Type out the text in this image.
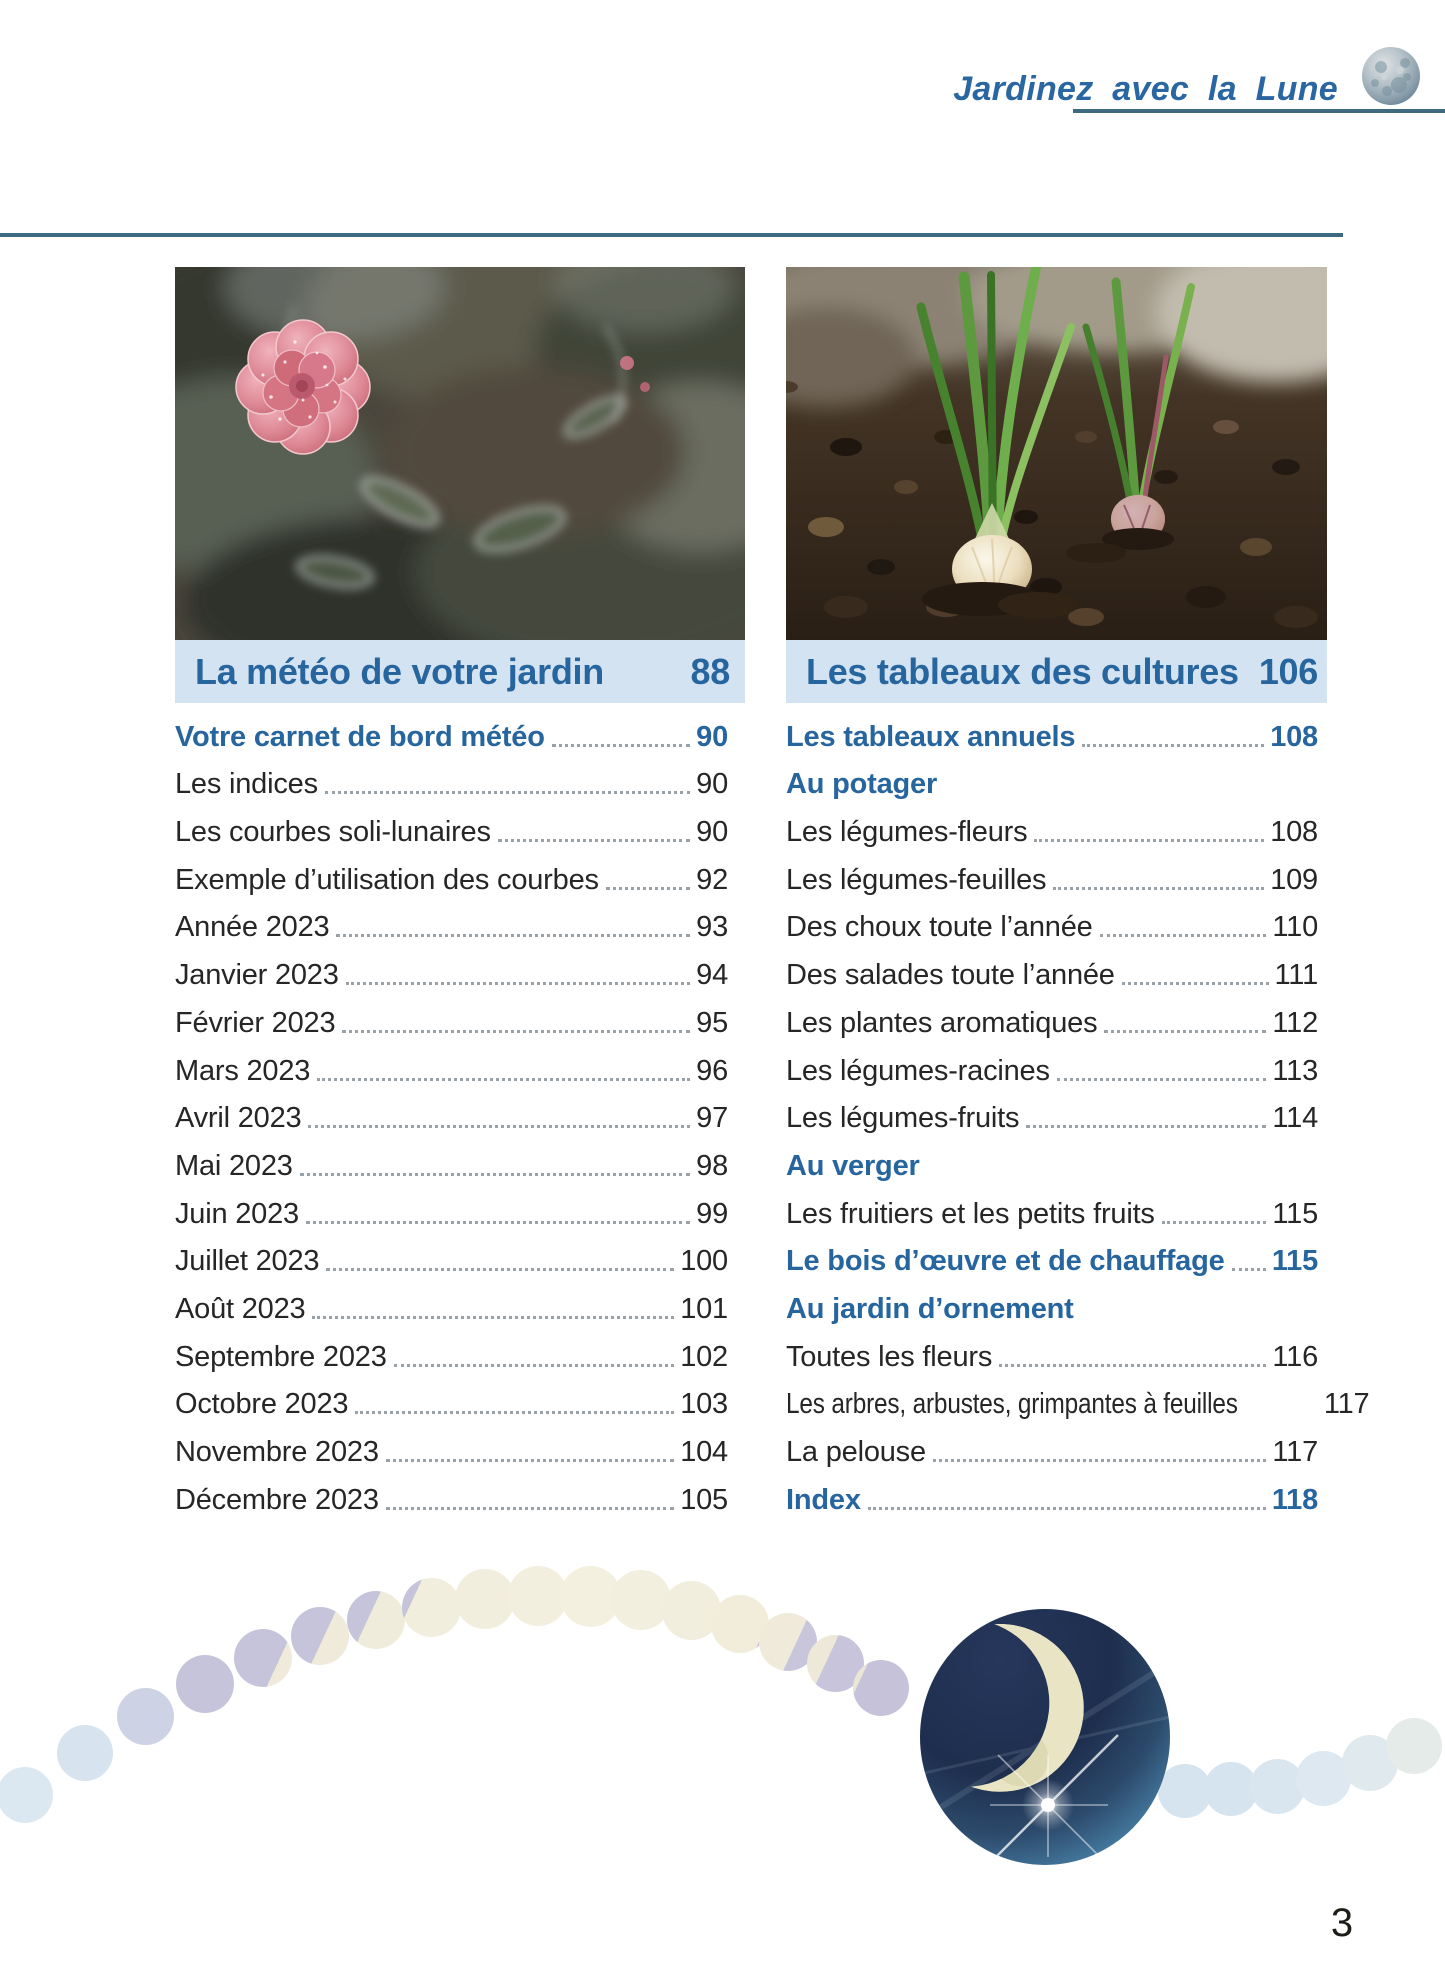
Jardinez avec la Lune
La météo de votre jardin 88	Les tableaux des cultures 106
Votre carnet de bord météo	90
Les indices	90
Les courbes soli-lunaires	90
Exemple d’utilisation des courbes	92
Année 2023	93
Janvier 2023	94
Février 2023	95
Mars 2023	96
Avril 2023	97
Mai 2023	98
Juin 2023	99
Juillet 2023	100
Août 2023	101
Septembre 2023	102
Octobre 2023	103
Novembre 2023	104
Décembre 2023	105
Les tableaux annuels	108
Au potager
Les légumes-fleurs	108
Les légumes-feuilles	109
Des choux toute l’année	110
Des salades toute l’année	111
Les plantes aromatiques	112
Les légumes-racines	113
Les légumes-fruits	114
Au verger
Les fruitiers et les petits fruits	115
Le bois d’œuvre et de chauffage 115
Au jardin d’ornement
Toutes les fleurs	116
Les arbres, arbustes, grimpantes à feuilles	117
La pelouse	117
Index	118
3
